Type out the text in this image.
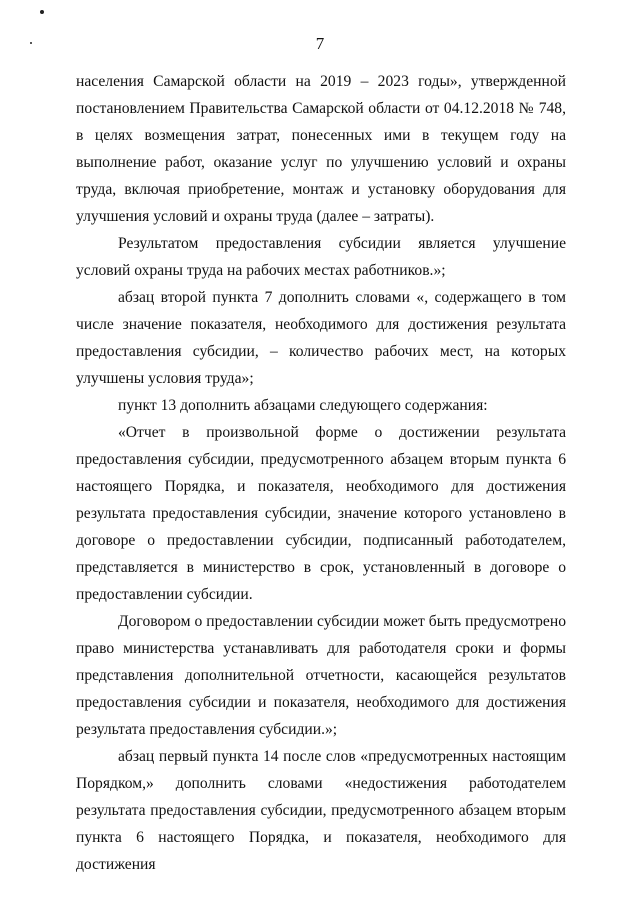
7

населения Самарской области на 2019 – 2023 годы», утвержденной постановлением Правительства Самарской области от 04.12.2018 № 748, в целях возмещения затрат, понесенных ими в текущем году на выполнение работ, оказание услуг по улучшению условий и охраны труда, включая приобретение, монтаж и установку оборудования для улучшения условий и охраны труда (далее – затраты).

Результатом предоставления субсидии является улучшение условий охраны труда на рабочих местах работников.»;

абзац второй пункта 7 дополнить словами «, содержащего в том числе значение показателя, необходимого для достижения результата предоставления субсидии, – количество рабочих мест, на которых улучшены условия труда»;

пункт 13 дополнить абзацами следующего содержания:

«Отчет в произвольной форме о достижении результата предоставления субсидии, предусмотренного абзацем вторым пункта 6 настоящего Порядка, и показателя, необходимого для достижения результата предоставления субсидии, значение которого установлено в договоре о предоставлении субсидии, подписанный работодателем, представляется в министерство в срок, установленный в договоре о предоставлении субсидии.

Договором о предоставлении субсидии может быть предусмотрено право министерства устанавливать для работодателя сроки и формы представления дополнительной отчетности, касающейся результатов предоставления субсидии и показателя, необходимого для достижения результата предоставления субсидии.»;

абзац первый пункта 14 после слов «предусмотренных настоящим Порядком,» дополнить словами «недостижения работодателем результата предоставления субсидии, предусмотренного абзацем вторым пункта 6 настоящего Порядка, и показателя, необходимого для достижения
